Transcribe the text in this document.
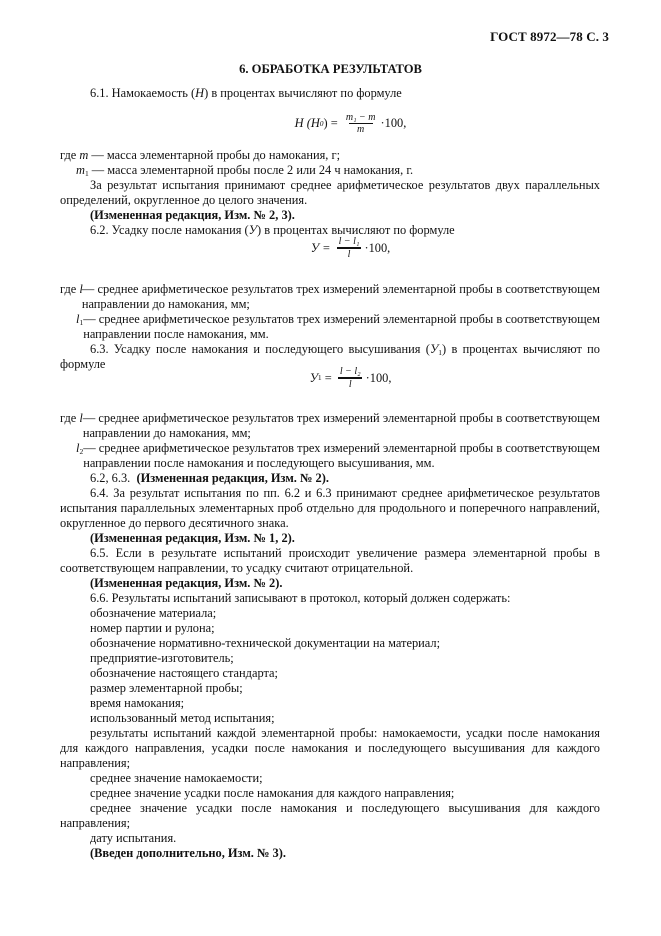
ГОСТ 8972—78 С. 3
6. ОБРАБОТКА РЕЗУЛЬТАТОВ

6.1. Намокаемость (Н) в процентах вычисляют по формуле

Н (Н 0 ) = $\frac{\text{m₁ − m}}{m} \cdot 100$,

где m — масса элементарной пробы до намокания, г;

$m_1$ — масса элементарной пробы после 2 или 24 ч намокания, г.

За результат испытания принимают среднее арифметическое результатов двух параллельных определений, округленное до целого значения.

(Измененная редакция, Изм. № 2, 3).

6.2. Усадку после намокания (У) в процентах вычисляют по формуле

$У = \frac{\text{l − l₁}}{l} \cdot 100$,
где l — среднее арифметическое результатов трех измерений элементарной пробы в соответствующем направлении до намокания, мм;
$l_1$ — среднее арифметическое результатов трех измерений элементарной пробы в соответствующем направлении после намокания, мм.

6.3. Усадку после намокания и последующего высушивания $(У_1)$ в процентах вычисляют по формуле

У $1 = \frac{\text{l − l₂}}{l} \cdot 100$,
где l — среднее арифметическое результатов трех измерений элементарной пробы в соответствующем направлении до намокания, мм;
$l_2$ — среднее арифметическое результатов трех измерений элементарной пробы в соответствующем направлении после намокания и последующего высушивания, мм.

6.2, 6.3.  (Измененная редакция, Изм. № 2).

6.4. За результат испытания по пп. 6.2 и 6.3 принимают среднее арифметическое результатов испытания параллельных элементарных проб отдельно для продольного и поперечного направлений, округленное до первого десятичного знака.

(Измененная редакция, Изм. № 1, 2).

6.5. Если в результате испытаний происходит увеличение размера элементарной пробы в соответствующем направлении, то усадку считают отрицательной.

(Измененная редакция, Изм. № 2).

6.6. Результаты испытаний записывают в протокол, который должен содержать:

обозначение материала;

номер партии и рулона;

обозначение нормативно-технической документации на материал;

предприятие-изготовитель;

обозначение настоящего стандарта;

размер элементарной пробы;

время намокания;

использованный метод испытания;

результаты испытаний каждой элементарной пробы: намокаемости, усадки после намокания для каждого направления, усадки после намокания и последующего высушивания для каждого направления;

среднее значение намокаемости;

среднее значение усадки после намокания для каждого направления;

среднее значение усадки после намокания и последующего высушивания для каждого направления;

дату испытания.

(Введен дополнительно, Изм. № 3).
